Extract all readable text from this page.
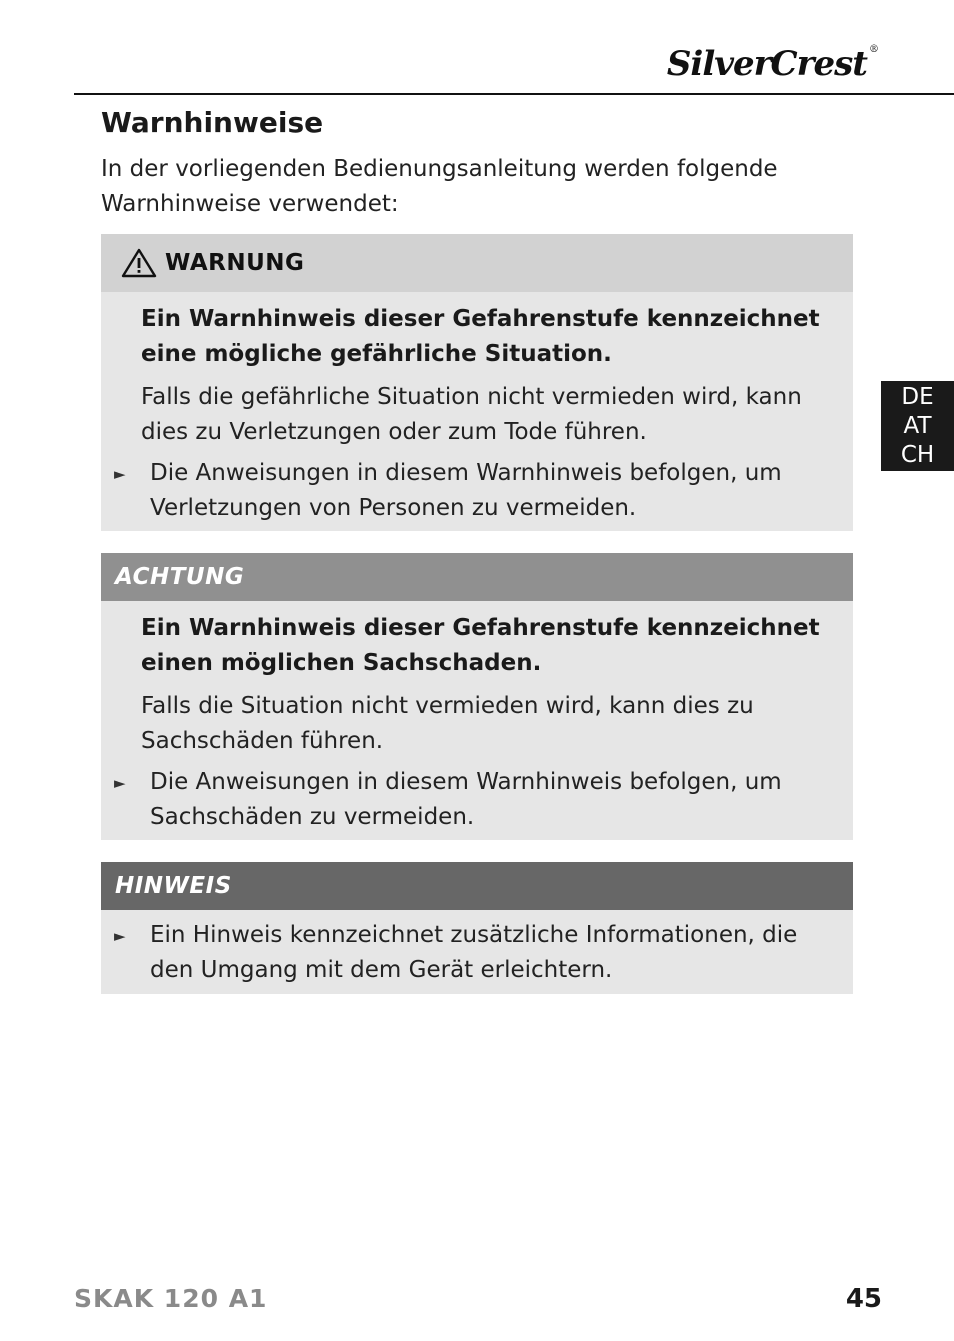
SilverCrest ®
Warnhinweise
In der vorliegenden Bedienungsanleitung werden folgende Warnhinweise verwendet:
WARNUNG
Ein Warnhinweis dieser Gefahrenstufe kennzeichnet eine mögliche gefährliche Situation.
Falls die gefährliche Situation nicht vermieden wird, kann dies zu Verletzungen oder zum Tode führen.
► Die Anweisungen in diesem Warnhinweis befolgen, um Verletzungen von Personen zu vermeiden.
ACHTUNG
Ein Warnhinweis dieser Gefahrenstufe kennzeichnet einen möglichen Sachschaden.
Falls die Situation nicht vermieden wird, kann dies zu Sachschäden führen.
► Die Anweisungen in diesem Warnhinweis befolgen, um Sachschäden zu vermeiden.
HINWEIS
► Ein Hinweis kennzeichnet zusätzliche Informationen, die den Umgang mit dem Gerät erleichtern.
DE
AT
CH
SKAK 120 A1	45
